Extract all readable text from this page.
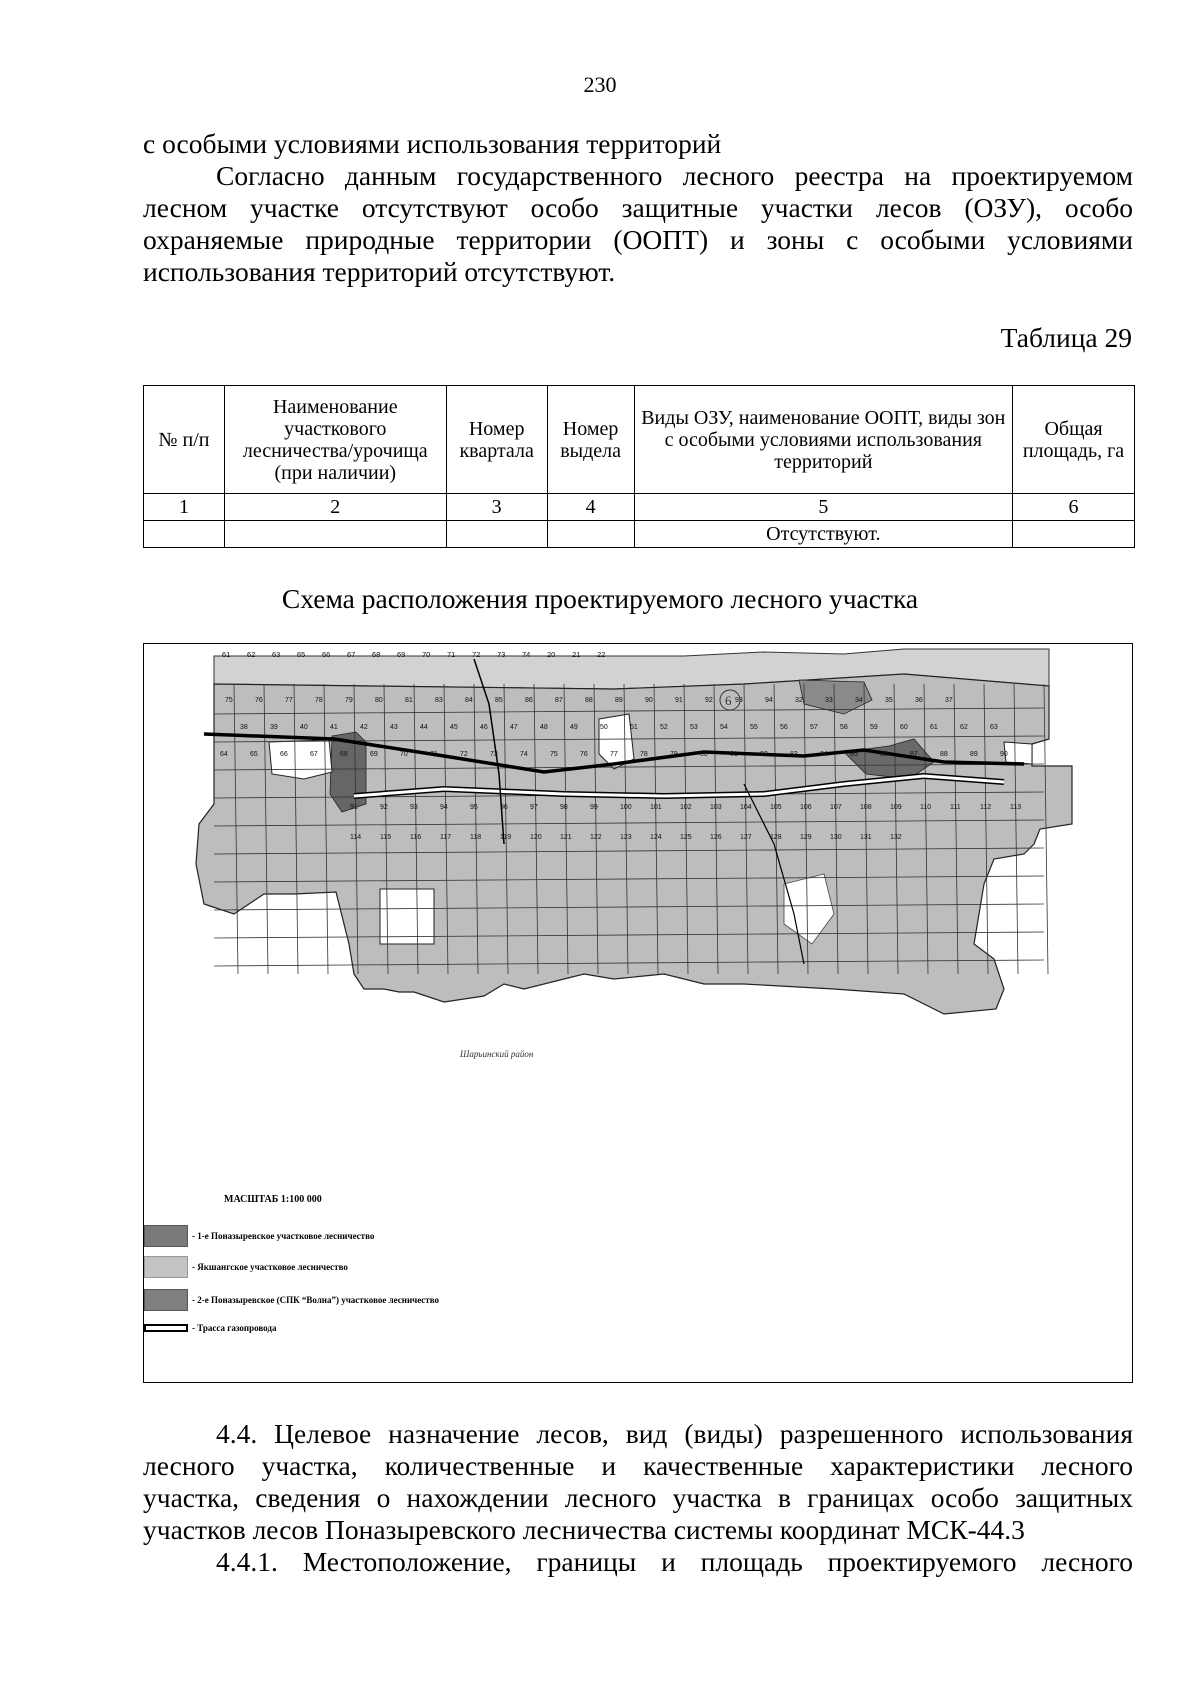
230
с особыми условиями использования территорий
Согласно данным государственного лесного реестра на проектируемом
лесном участке отсутствуют особо защитные участки лесов (ОЗУ), особо
охраняемые природные территории (ООПТ) и зоны с особыми условиями
использования территорий отсутствуют.
Таблица 29
№ п/п	Наименование участкового лесничества/урочища (при наличии)	Номер квартала	Номер выдела	Виды ОЗУ, наименование ООПТ, виды зон с особыми условиями использования территорий	Общая площадь, га
1	2	3	4	5	6
				Отсутствуют.	
Схема расположения проектируемого лесного участка
75	76	77	78	79	80	81	83	84	85	86	87	88	89	90	91	92	93	94	32	33	34	35	36	37
38	39	40	41	42	43	44	45	46	47	48	49	50	51	52	53	54	55	56	57	58	59	60	61	62	63
64	65	66	67	68	69	70	71	72	73	74	75	76	77	78	79	80	81	82	83	84	85	86	87	88	89	90
91	92	93	94	95	96	97	98	99	100	101	102	103	104	105	106	107	108	109	110	111	112	113
114	115	116	117	118	119	120	121	122	123	124	125	126	127	128	129	130	131	132
61 62 63 65 66 67 68 69 70 71 72 73 74 20 21 22
6
Шарьинский район
МАСШТАБ 1:100 000
- 1-е Поназыревское участковое лесничество
- Якшангское участковое лесничество
- 2-е Поназыревское (СПК “Волна”) участковое лесничество
- Трасса газопровода
4.4. Целевое назначение лесов, вид (виды) разрешенного использования
лесного участка, количественные и качественные характеристики лесного
участка, сведения о нахождении лесного участка в границах особо защитных
участков лесов Поназыревского лесничества системы координат МСК-44.3
4.4.1. Местоположение, границы и площадь проектируемого лесного
